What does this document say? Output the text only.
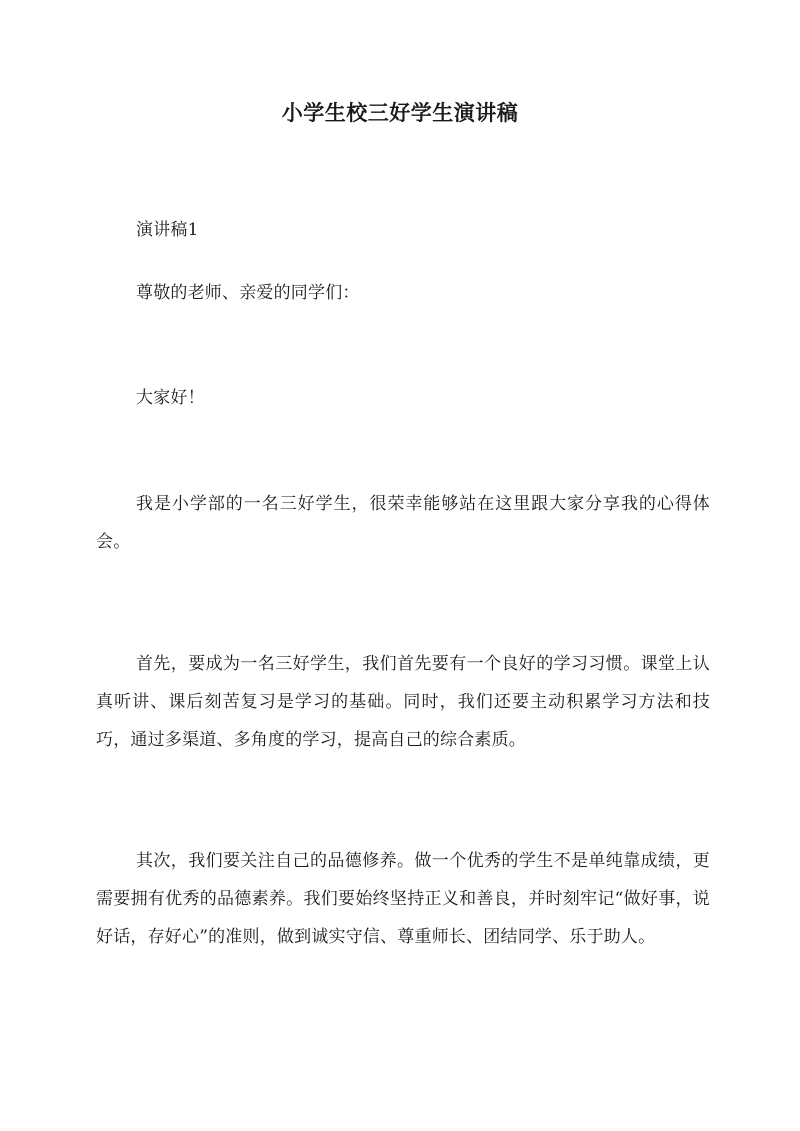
小学生校三好学生演讲稿

演讲稿1

尊敬的老师、亲爱的同学们：

大家好！

我是小学部的一名三好学生，很荣幸能够站在这里跟大家分享我的心得体会。

首先，要成为一名三好学生，我们首先要有一个良好的学习习惯。课堂上认真听讲、课后刻苦复习是学习的基础。同时，我们还要主动积累学习方法和技巧，通过多渠道、多角度的学习，提高自己的综合素质。

其次，我们要关注自己的品德修养。做一个优秀的学生不是单纯靠成绩，更需要拥有优秀的品德素养。我们要始终坚持正义和善良，并时刻牢记“做好事，说好话，存好心”的准则，做到诚实守信、尊重师长、团结同学、乐于助人。
